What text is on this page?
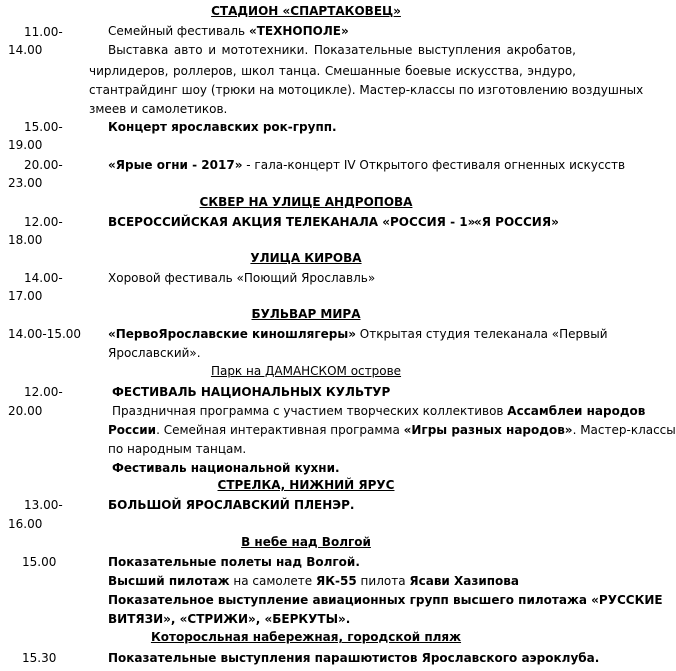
СТАДИОН «СПАРТАКОВЕЦ»
11.00-
14.00
Семейный фестиваль «ТЕХНОПОЛЕ»
Выставка авто и мототехники. Показательные выступления акробатов,
чирлидеров, роллеров, школ танца. Смешанные боевые искусства, эндуро,
стантрайдинг шоу (трюки на мотоцикле). Мастер-классы по изготовлению воздушных
змеев и самолетиков.
15.00-
19.00
Концерт ярославских рок-групп.
20.00-
23.00
«Ярые огни - 2017» - гала-концерт IV Открытого фестиваля огненных искусств
СКВЕР НА УЛИЦЕ АНДРОПОВА
12.00-
18.00
ВСЕРОССИЙСКАЯ АКЦИЯ ТЕЛЕКАНАЛА «РОССИЯ - 1»
«Я РОССИЯ»
УЛИЦА КИРОВА
14.00-
17.00
Хоровой фестиваль «Поющий Ярославль»
БУЛЬВАР МИРА
14.00-15.00 «ПервоЯрославские киношлягеры» Открытая студия телеканала «Первый
Ярославский».
Парк на ДАМАНСКОМ острове
12.00-
20.00
ФЕСТИВАЛЬ НАЦИОНАЛЬНЫХ КУЛЬТУР
Праздничная программа с участием творческих коллективов Ассамблеи народов
России. Семейная интерактивная программа «Игры разных народов». Мастер-классы
по народным танцам.
Фестиваль национальной кухни.
СТРЕЛКА, НИЖНИЙ ЯРУС
13.00-
16.00
БОЛЬШОЙ ЯРОСЛАВСКИЙ ПЛЕНЭР.
В небе над Волгой
15.00	Показательные полеты над Волгой.
Высший пилотаж на самолете ЯК-55 пилота Ясави Хазипова
Показательное выступление авиационных групп высшего пилотажа «РУССКИЕ
ВИТЯЗИ», «СТРИЖИ», «БЕРКУТЫ».
Которосльная набережная, городской пляж
15.30	Показательные выступления парашютистов Ярославского аэроклуба.
